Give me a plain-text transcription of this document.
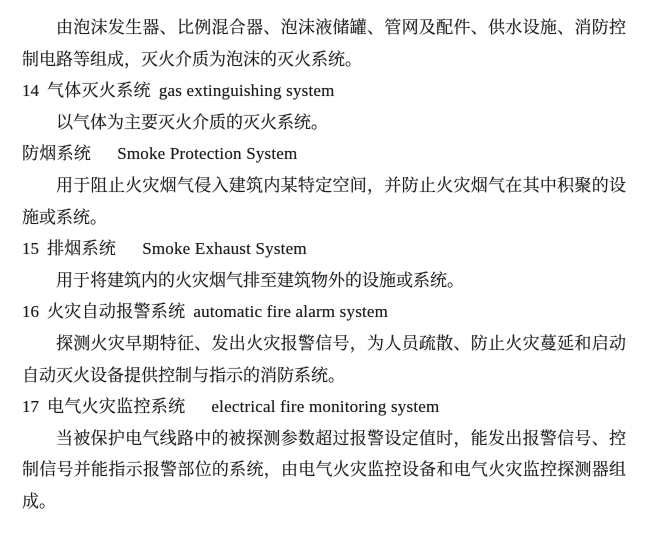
由泡沫发生器、比例混合器、泡沫液储罐、管网及配件、供水设施、消防控制电路等组成，灭火介质为泡沫的灭火系统。

14 气体灭火系统 gas extinguishing system

以气体为主要灭火介质的灭火系统。

防烟系统 Smoke Protection System

用于阻止火灾烟气侵入建筑内某特定空间，并防止火灾烟气在其中积聚的设施或系统。

15 排烟系统 Smoke Exhaust System

用于将建筑内的火灾烟气排至建筑物外的设施或系统。

16 火灾自动报警系统 automatic fire alarm system

探测火灾早期特征、发出火灾报警信号，为人员疏散、防止火灾蔓延和启动自动灭火设备提供控制与指示的消防系统。

17 电气火灾监控系统 electrical fire monitoring system

当被保护电气线路中的被探测参数超过报警设定值时，能发出报警信号、控制信号并能指示报警部位的系统，由电气火灾监控设备和电气火灾监控探测器组成。
